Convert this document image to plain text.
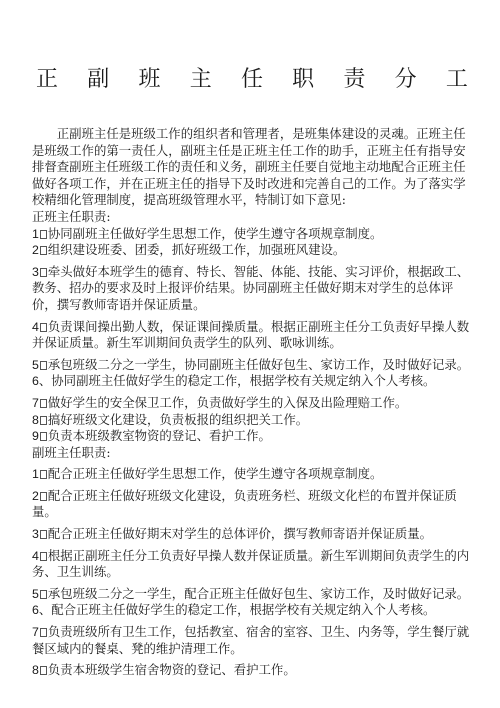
正 副 班 主 任 职 责 分 工

正副班主任是班级工作的组织者和管理者，是班集体建设的灵魂。正班主任是班级工作的第一责任人，副班主任是正班主任工作的助手，正班主任有指导安排督查副班主任班级工作的责任和义务，副班主任要自觉地主动地配合正班主任做好各项工作，并在正班主任的指导下及时改进和完善自己的工作。为了落实学校精细化管理制度，提高班级管理水平，特制订如下意见:

正班主任职责:

1 协同副班主任做好学生思想工作，使学生遵守各项规章制度。

2 组织建设班委、团委，抓好班级工作，加强班风建设。

3 牵头做好本班学生的德育、特长、智能、体能、技能、实习评价，根据政工、教务、招办的要求及时上报评价结果。协同副班主任做好期末对学生的总体评价，撰写教师寄语并保证质量。

4 负责课间操出勤人数，保证课间操质量。根据正副班主任分工负责好早操人数并保证质量。新生军训期间负责学生的队列、歌咏训练。

5 承包班级二分之一学生，协同副班主任做好包生、家访工作，及时做好记录。

6、协同副班主任做好学生的稳定工作，根据学校有关规定纳入个人考核。

7 做好学生的安全保卫工作，负责做好学生的入保及出险理赔工作。

8 搞好班级文化建设，负责板报的组织把关工作。

9 负责本班级教室物资的登记、看护工作。

副班主任职责:

1 配合正班主任做好学生思想工作，使学生遵守各项规章制度。

2 配合正班主任做好班级文化建设，负责班务栏、班级文化栏的布置并保证质量。

3 配合正班主任做好期末对学生的总体评价，撰写教师寄语并保证质量。

4 根据正副班主任分工负责好早操人数并保证质量。新生军训期间负责学生的内务、卫生训练。

5 承包班级二分之一学生，配合正班主任做好包生、家访工作，及时做好记录。

6、配合正班主任做好学生的稳定工作，根据学校有关规定纳入个人考核。

7 负责班级所有卫生工作，包括教室、宿舍的室容、卫生、内务等，学生餐厅就餐区域内的餐桌、凳的维护清理工作。

8 负责本班级学生宿舍物资的登记、看护工作。
